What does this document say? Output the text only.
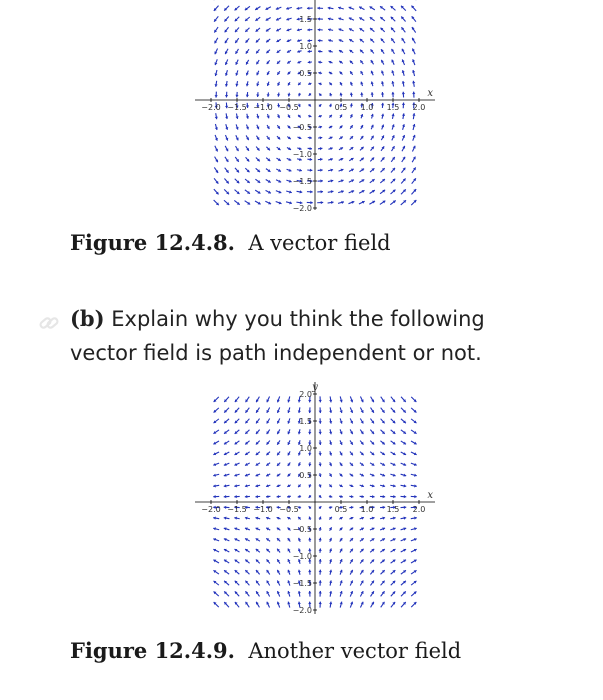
−2.0 −1.5 −1.0 −0.5	0.5 1.0 1.5 2.0
0.5
1.0
1.5
−0.5
−1.0
−1.5
−2.0
x
Figure 12.4.8. A vector field
(b) Explain why you think the following vector field is path independent or not.
−2.0 −1.5 −1.0 −0.5	0.5 1.0 1.5 2.0
0.5
1.0
1.5
2.0
−0.5
−1.0
−1.5
−2.0
x
y
Figure 12.4.9. Another vector field
